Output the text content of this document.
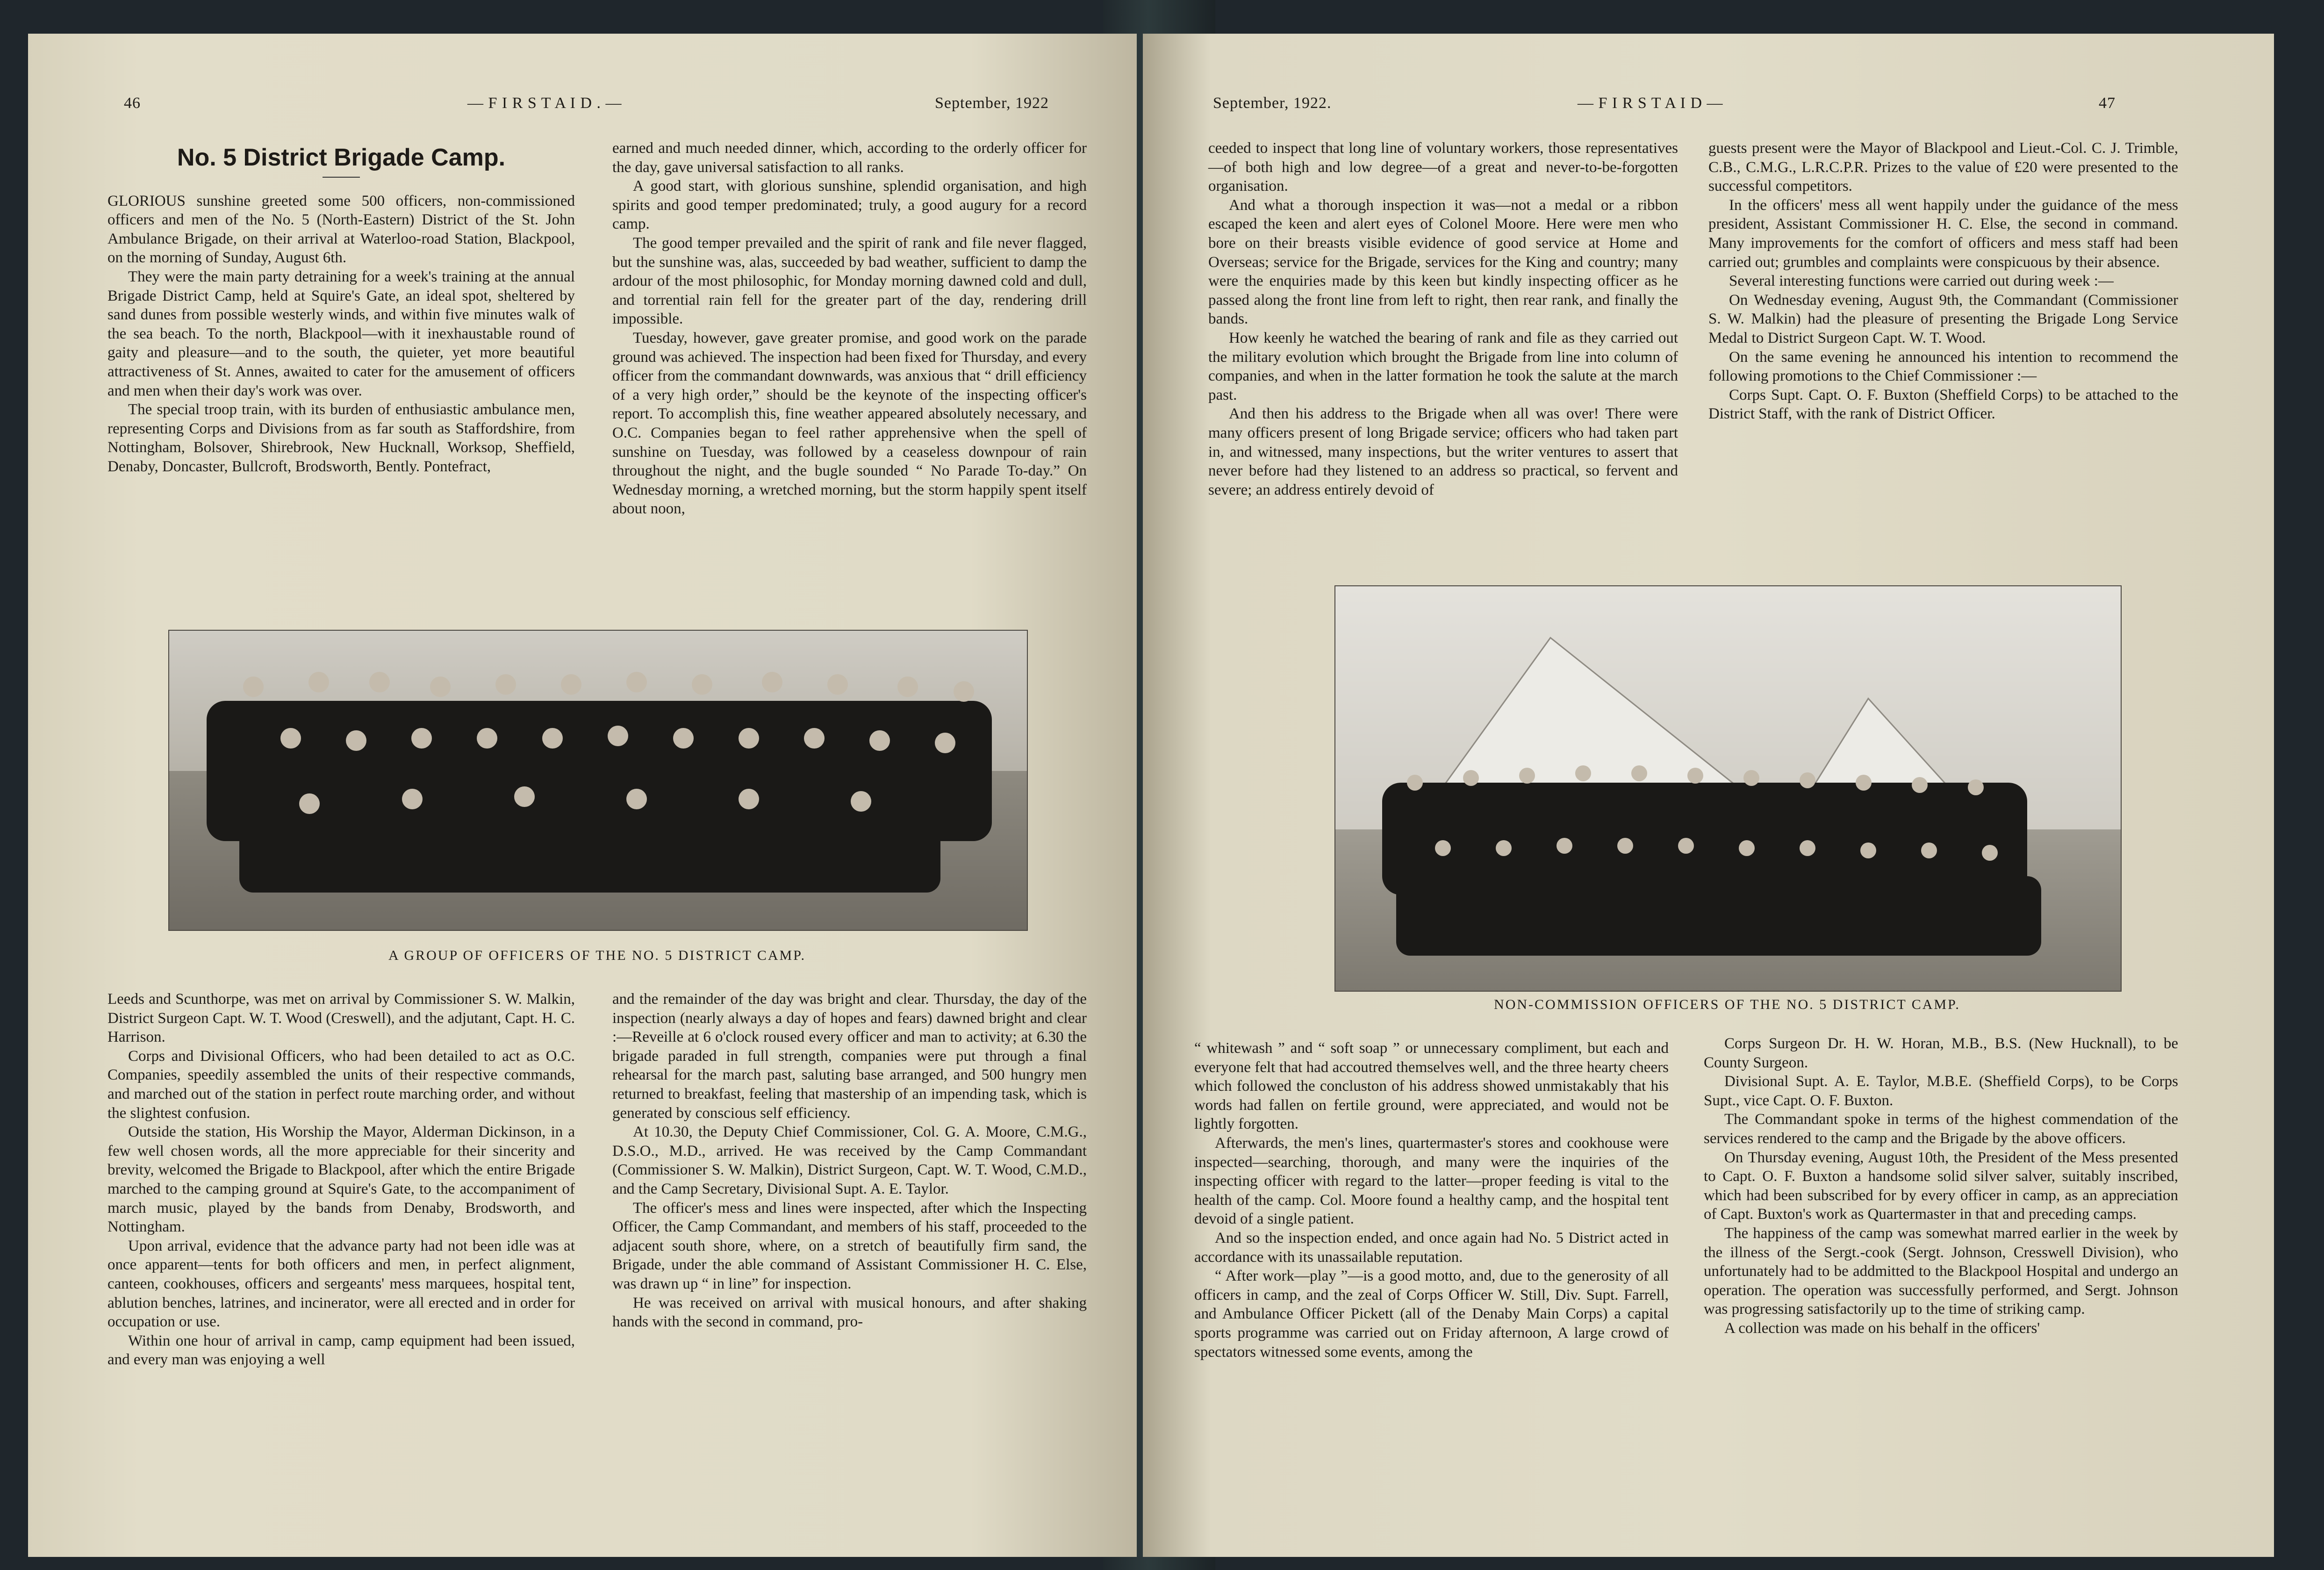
46	— F I R S T A I D . —	September, 1922
No. 5 District Brigade Camp.

GLORIOUS sunshine greeted some 500 officers, non-commissioned officers and men of the No. 5 (North-Eastern) District of the St. John Ambulance Brigade, on their arrival at Waterloo-road Station, Blackpool, on the morning of Sunday, August 6th.

They were the main party detraining for a week's training at the annual Brigade District Camp, held at Squire's Gate, an ideal spot, sheltered by sand dunes from possible westerly winds, and within five minutes walk of the sea beach. To the north, Blackpool—with it inexhaustable round of gaity and pleasure—and to the south, the quieter, yet more beautiful attractiveness of St. Annes, awaited to cater for the amusement of officers and men when their day's work was over.

The special troop train, with its burden of enthusiastic ambulance men, representing Corps and Divisions from as far south as Staffordshire, from Nottingham, Bolsover, Shirebrook, New Hucknall, Worksop, Sheffield, Denaby, Doncaster, Bullcroft, Brodsworth, Bently. Pontefract,

earned and much needed dinner, which, according to the orderly officer for the day, gave universal satisfaction to all ranks.

A good start, with glorious sunshine, splendid organisation, and high spirits and good temper predominated; truly, a good augury for a record camp.

The good temper prevailed and the spirit of rank and file never flagged, but the sunshine was, alas, succeeded by bad weather, sufficient to damp the ardour of the most philosophic, for Monday morning dawned cold and dull, and torrential rain fell for the greater part of the day, rendering drill impossible.

Tuesday, however, gave greater promise, and good work on the parade ground was achieved. The inspection had been fixed for Thursday, and every officer from the commandant downwards, was anxious that “ drill efficiency of a very high order,” should be the keynote of the inspecting officer's report. To accomplish this, fine weather appeared absolutely necessary, and O.C. Companies began to feel rather apprehensive when the spell of sunshine on Tuesday, was followed by a ceaseless downpour of rain throughout the night, and the bugle sounded “ No Parade To-day.” On Wednesday morning, a wretched morning, but the storm happily spent itself about noon,

A GROUP OF OFFICERS OF THE NO. 5 DISTRICT CAMP.

Leeds and Scunthorpe, was met on arrival by Commissioner S. W. Malkin, District Surgeon Capt. W. T. Wood (Creswell), and the adjutant, Capt. H. C. Harrison.

Corps and Divisional Officers, who had been detailed to act as O.C. Companies, speedily assembled the units of their respective commands, and marched out of the station in perfect route marching order, and without the slightest confusion.

Outside the station, His Worship the Mayor, Alderman Dickinson, in a few well chosen words, all the more appreciable for their sincerity and brevity, welcomed the Brigade to Blackpool, after which the entire Brigade marched to the camping ground at Squire's Gate, to the accompaniment of march music, played by the bands from Denaby, Brodsworth, and Nottingham.

Upon arrival, evidence that the advance party had not been idle was at once apparent—tents for both officers and men, in perfect alignment, canteen, cookhouses, officers and sergeants' mess marquees, hospital tent, ablution benches, latrines, and incinerator, were all erected and in order for occupation or use.

Within one hour of arrival in camp, camp equipment had been issued, and every man was enjoying a well

and the remainder of the day was bright and clear. Thursday, the day of the inspection (nearly always a day of hopes and fears) dawned bright and clear :—Reveille at 6 o'clock roused every officer and man to activity; at 6.30 the brigade paraded in full strength, companies were put through a final rehearsal for the march past, saluting base arranged, and 500 hungry men returned to breakfast, feeling that mastership of an impending task, which is generated by conscious self efficiency.

At 10.30, the Deputy Chief Commissioner, Col. G. A. Moore, C.M.G., D.S.O., M.D., arrived. He was received by the Camp Commandant (Commissioner S. W. Malkin), District Surgeon, Capt. W. T. Wood, C.M.D., and the Camp Secretary, Divisional Supt. A. E. Taylor.

The officer's mess and lines were inspected, after which the Inspecting Officer, the Camp Commandant, and members of his staff, proceeded to the adjacent south shore, where, on a stretch of beautifully firm sand, the Brigade, under the able command of Assistant Commissioner H. C. Else, was drawn up “ in line” for inspection.

He was received on arrival with musical honours, and after shaking hands with the second in command, pro-

September, 1922.	— F I R S T A I D —	47

ceeded to inspect that long line of voluntary workers, those representatives—of both high and low degree—of a great and never-to-be-forgotten organisation.

And what a thorough inspection it was—not a medal or a ribbon escaped the keen and alert eyes of Colonel Moore. Here were men who bore on their breasts visible evidence of good service at Home and Overseas; service for the Brigade, services for the King and country; many were the enquiries made by this keen but kindly inspecting officer as he passed along the front line from left to right, then rear rank, and finally the bands.

How keenly he watched the bearing of rank and file as they carried out the military evolution which brought the Brigade from line into column of companies, and when in the latter formation he took the salute at the march past.

And then his address to the Brigade when all was over! There were many officers present of long Brigade service; officers who had taken part in, and witnessed, many inspections, but the writer ventures to assert that never before had they listened to an address so practical, so fervent and severe; an address entirely devoid of

guests present were the Mayor of Blackpool and Lieut.-Col. C. J. Trimble, C.B., C.M.G., L.R.C.P.R. Prizes to the value of £20 were presented to the successful competitors.

In the officers' mess all went happily under the guidance of the mess president, Assistant Commissioner H. C. Else, the second in command. Many improvements for the comfort of officers and mess staff had been carried out; grumbles and complaints were conspicuous by their absence.

Several interesting functions were carried out during week :—

On Wednesday evening, August 9th, the Commandant (Commissioner S. W. Malkin) had the pleasure of presenting the Brigade Long Service Medal to District Surgeon Capt. W. T. Wood.

On the same evening he announced his intention to recommend the following promotions to the Chief Commissioner :—

Corps Supt. Capt. O. F. Buxton (Sheffield Corps) to be attached to the District Staff, with the rank of District Officer.

NON-COMMISSION OFFICERS OF THE NO. 5 DISTRICT CAMP.

“ whitewash ” and “ soft soap ” or unnecessary compliment, but each and everyone felt that had accoutred themselves well, and the three hearty cheers which followed the concluston of his address showed unmistakably that his words had fallen on fertile ground, were appreciated, and would not be lightly forgotten.

Afterwards, the men's lines, quartermaster's stores and cookhouse were inspected—searching, thorough, and many were the inquiries of the inspecting officer with regard to the latter—proper feeding is vital to the health of the camp. Col. Moore found a healthy camp, and the hospital tent devoid of a single patient.

And so the inspection ended, and once again had No. 5 District acted in accordance with its unassailable reputation.

“ After work—play ”—is a good motto, and, due to the generosity of all officers in camp, and the zeal of Corps Officer W. Still, Div. Supt. Farrell, and Ambulance Officer Pickett (all of the Denaby Main Corps) a capital sports programme was carried out on Friday afternoon, A large crowd of spectators witnessed some events, among the

Corps Surgeon Dr. H. W. Horan, M.B., B.S. (New Hucknall), to be County Surgeon.

Divisional Supt. A. E. Taylor, M.B.E. (Sheffield Corps), to be Corps Supt., vice Capt. O. F. Buxton.

The Commandant spoke in terms of the highest commendation of the services rendered to the camp and the Brigade by the above officers.

On Thursday evening, August 10th, the President of the Mess presented to Capt. O. F. Buxton a handsome solid silver salver, suitably inscribed, which had been subscribed for by every officer in camp, as an appreciation of Capt. Buxton's work as Quartermaster in that and preceding camps.

The happiness of the camp was somewhat marred earlier in the week by the illness of the Sergt.-cook (Sergt. Johnson, Cresswell Division), who unfortunately had to be addmitted to the Blackpool Hospital and undergo an operation. The operation was successfully performed, and Sergt. Johnson was progressing satisfactorily up to the time of striking camp.

A collection was made on his behalf in the officers'
